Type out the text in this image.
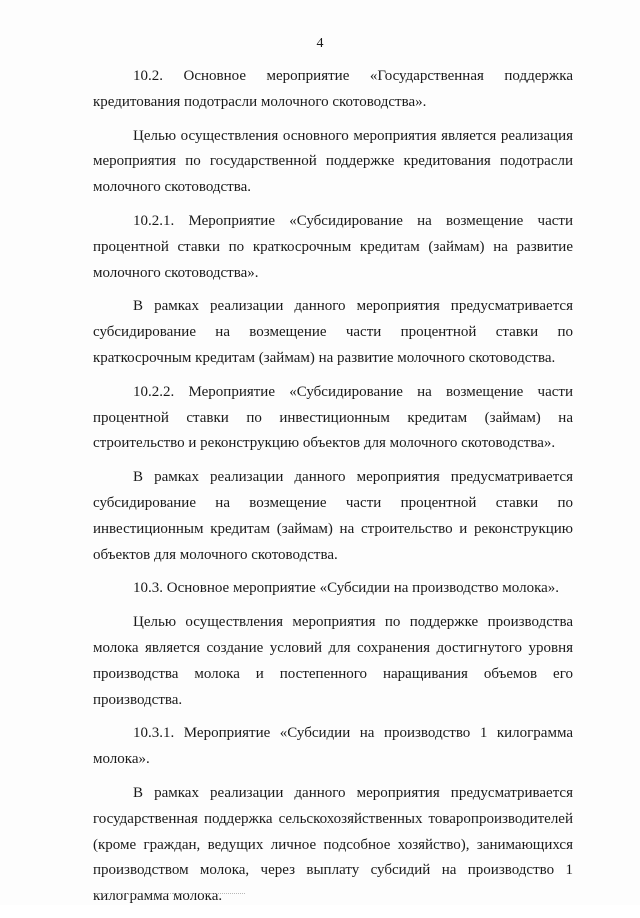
4

10.2. Основное мероприятие «Государственная поддержка кредитования подотрасли молочного скотоводства».

Целью осуществления основного мероприятия является реализация мероприятия по государственной поддержке кредитования подотрасли молочного скотоводства.

10.2.1. Мероприятие «Субсидирование на возмещение части процентной ставки по краткосрочным кредитам (займам) на развитие молочного скотоводства».

В рамках реализации данного мероприятия предусматривается субсидирование на возмещение части процентной ставки по краткосрочным кредитам (займам) на развитие молочного скотоводства.

10.2.2. Мероприятие «Субсидирование на возмещение части процентной ставки по инвестиционным кредитам (займам) на строительство и реконструкцию объектов для молочного скотоводства».

В рамках реализации данного мероприятия предусматривается субсидирование на возмещение части процентной ставки по инвестиционным кредитам (займам) на строительство и реконструкцию объектов для молочного скотоводства.

10.3. Основное мероприятие «Субсидии на производство молока».

Целью осуществления мероприятия по поддержке производства молока является создание условий для сохранения достигнутого уровня производства молока и постепенного наращивания объемов его производства.

10.3.1. Мероприятие «Субсидии на производство 1 килограмма молока».

В рамках реализации данного мероприятия предусматривается государственная поддержка сельскохозяйственных товаропроизводителей (кроме граждан, ведущих личное подсобное хозяйство), занимающихся производством молока, через выплату субсидий на производство 1 килограмма молока.
